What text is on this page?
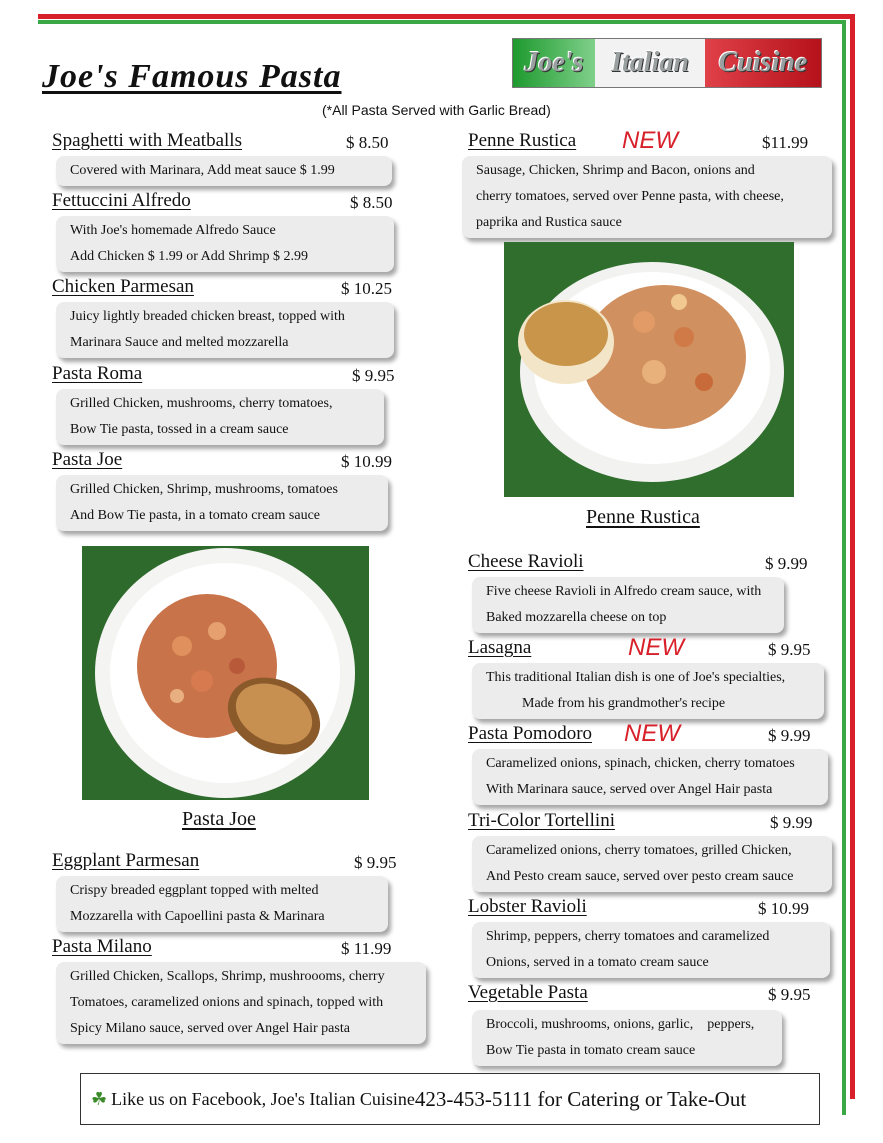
Joe's Italian	Cuisine
Joe's Famous Pasta
(*All Pasta Served with Garlic Bread)
Spaghetti with Meatballs	$ 8.50
Covered with Marinara, Add meat sauce $ 1.99
Fettuccini Alfredo	$ 8.50
With Joe's homemade Alfredo Sauce
Add Chicken $ 1.99 or Add Shrimp $ 2.99
Chicken Parmesan	$ 10.25
Juicy lightly breaded chicken breast, topped with
Marinara Sauce and melted mozzarella
Pasta Roma	$ 9.95
Grilled Chicken, mushrooms, cherry tomatoes,
Bow Tie pasta, tossed in a cream sauce
Pasta Joe	$ 10.99
Grilled Chicken, Shrimp, mushrooms, tomatoes
And Bow Tie pasta, in a tomato cream sauce
Pasta Joe
Eggplant Parmesan	$ 9.95
Crispy breaded eggplant topped with melted
Mozzarella with Capoellini pasta & Marinara
Pasta Milano	$ 11.99
Grilled Chicken, Scallops, Shrimp, mushroooms, cherry
Tomatoes, caramelized onions and spinach, topped with
Spicy Milano sauce, served over Angel Hair pasta
Penne Rustica NEW	$11.99
Sausage, Chicken, Shrimp and Bacon, onions and
cherry tomatoes, served over Penne pasta, with cheese,
paprika and Rustica sauce
Penne Rustica
Cheese Ravioli	$ 9.99
Five cheese Ravioli in Alfredo cream sauce, with
Baked mozzarella cheese on top
Lasagna	NEW	$ 9.95
This traditional Italian dish is one of Joe's specialties,
Made from his grandmother's recipe
Pasta Pomodoro NEW	$ 9.99
Caramelized onions, spinach, chicken, cherry tomatoes
With Marinara sauce, served over Angel Hair pasta
Tri-Color Tortellini	$ 9.99
Caramelized onions, cherry tomatoes, grilled Chicken,
And Pesto cream sauce, served over pesto cream sauce
Lobster Ravioli	$ 10.99
Shrimp, peppers, cherry tomatoes and caramelized
Onions, served in a tomato cream sauce
Vegetable Pasta	$ 9.95
Broccoli, mushrooms, onions, garlic,    peppers,
Bow Tie pasta in tomato cream sauce
☘ Like us on Facebook, Joe's Italian Cuisine 423-453-5111 for Catering or Take-Out
